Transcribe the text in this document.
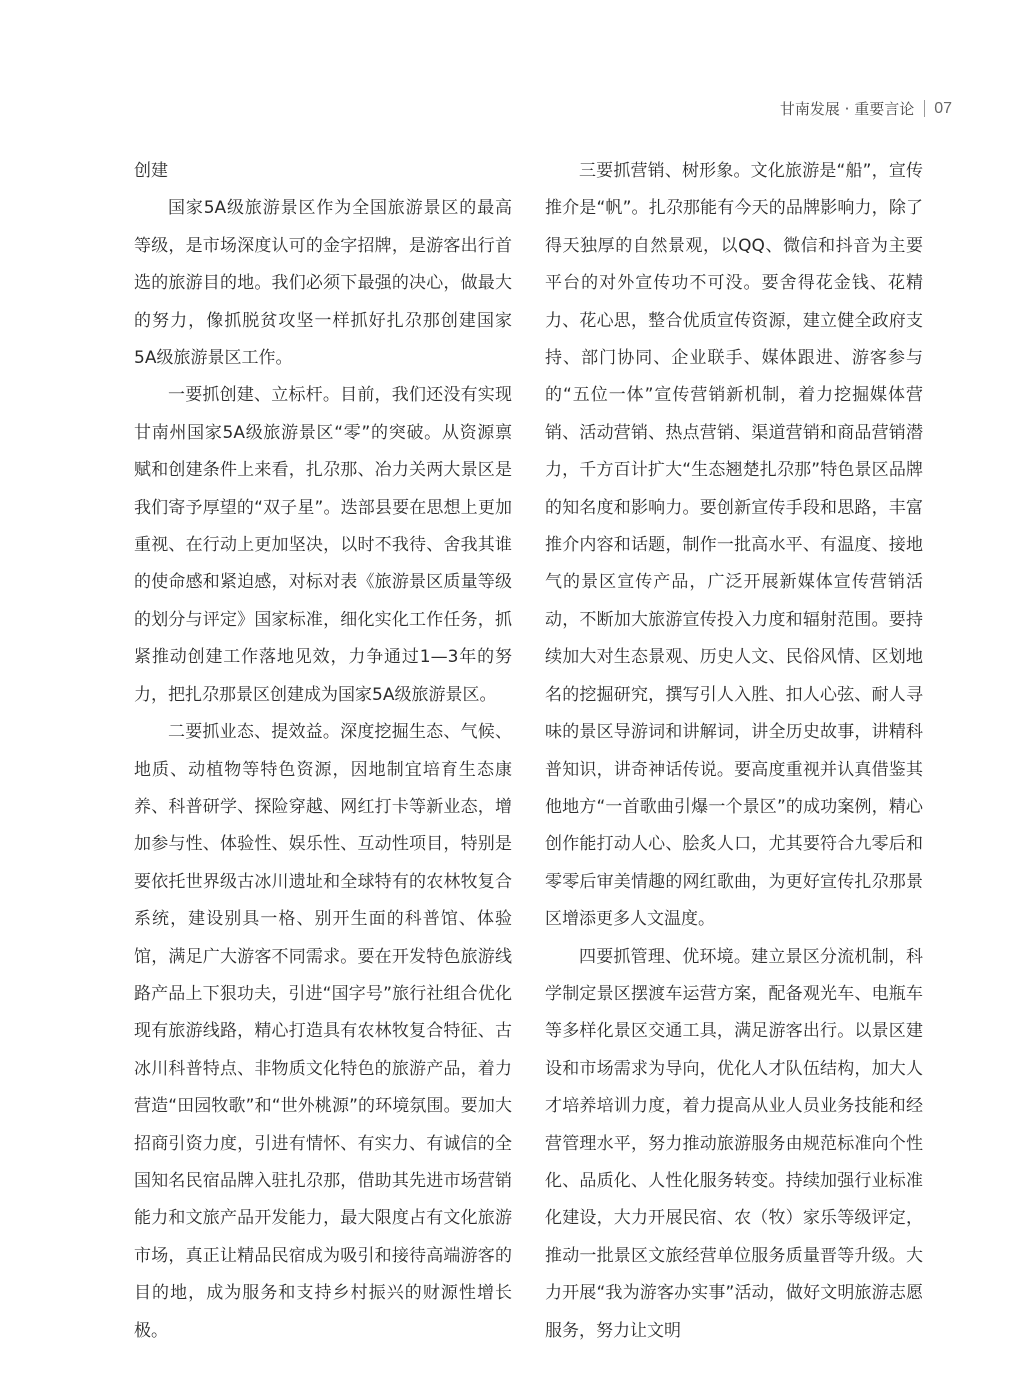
甘南发展 · 重要言论 07

创建

国家5A级旅游景区作为全国旅游景区的最高等级，是市场深度认可的金字招牌，是游客出行首选的旅游目的地。我们必须下最强的决心，做最大的努力，像抓脱贫攻坚一样抓好扎尕那创建国家5A级旅游景区工作。

一要抓创建、立标杆。目前，我们还没有实现甘南州国家5A级旅游景区“零”的突破。从资源禀赋和创建条件上来看，扎尕那、冶力关两大景区是我们寄予厚望的“双子星”。迭部县要在思想上更加重视、在行动上更加坚决，以时不我待、舍我其谁的使命感和紧迫感，对标对表《旅游景区质量等级的划分与评定》国家标准，细化实化工作任务，抓紧推动创建工作落地见效，力争通过1—3年的努力，把扎尕那景区创建成为国家5A级旅游景区。

二要抓业态、提效益。深度挖掘生态、气候、地质、动植物等特色资源，因地制宜培育生态康养、科普研学、探险穿越、网红打卡等新业态，增加参与性、体验性、娱乐性、互动性项目，特别是要依托世界级古冰川遗址和全球特有的农林牧复合系统，建设别具一格、别开生面的科普馆、体验馆，满足广大游客不同需求。要在开发特色旅游线路产品上下狠功夫，引进“国字号”旅行社组合优化现有旅游线路，精心打造具有农林牧复合特征、古冰川科普特点、非物质文化特色的旅游产品，着力营造“田园牧歌”和“世外桃源”的环境氛围。要加大招商引资力度，引进有情怀、有实力、有诚信的全国知名民宿品牌入驻扎尕那，借助其先进市场营销能力和文旅产品开发能力，最大限度占有文化旅游市场，真正让精品民宿成为吸引和接待高端游客的目的地，成为服务和支持乡村振兴的财源性增长极。

三要抓营销、树形象。文化旅游是“船”，宣传推介是“帆”。扎尕那能有今天的品牌影响力，除了得天独厚的自然景观，以QQ、微信和抖音为主要平台的对外宣传功不可没。要舍得花金钱、花精力、花心思，整合优质宣传资源，建立健全政府支持、部门协同、企业联手、媒体跟进、游客参与的“五位一体”宣传营销新机制，着力挖掘媒体营销、活动营销、热点营销、渠道营销和商品营销潜力，千方百计扩大“生态翘楚扎尕那”特色景区品牌的知名度和影响力。要创新宣传手段和思路，丰富推介内容和话题，制作一批高水平、有温度、接地气的景区宣传产品，广泛开展新媒体宣传营销活动，不断加大旅游宣传投入力度和辐射范围。要持续加大对生态景观、历史人文、民俗风情、区划地名的挖掘研究，撰写引人入胜、扣人心弦、耐人寻味的景区导游词和讲解词，讲全历史故事，讲精科普知识，讲奇神话传说。要高度重视并认真借鉴其他地方“一首歌曲引爆一个景区”的成功案例，精心创作能打动人心、脍炙人口，尤其要符合九零后和零零后审美情趣的网红歌曲，为更好宣传扎尕那景区增添更多人文温度。

四要抓管理、优环境。建立景区分流机制，科学制定景区摆渡车运营方案，配备观光车、电瓶车等多样化景区交通工具，满足游客出行。以景区建设和市场需求为导向，优化人才队伍结构，加大人才培养培训力度，着力提高从业人员业务技能和经营管理水平，努力推动旅游服务由规范标准向个性化、品质化、人性化服务转变。持续加强行业标准化建设，大力开展民宿、农（牧）家乐等级评定，推动一批景区文旅经营单位服务质量晋等升级。大力开展“我为游客办实事”活动，做好文明旅游志愿服务，努力让文明
